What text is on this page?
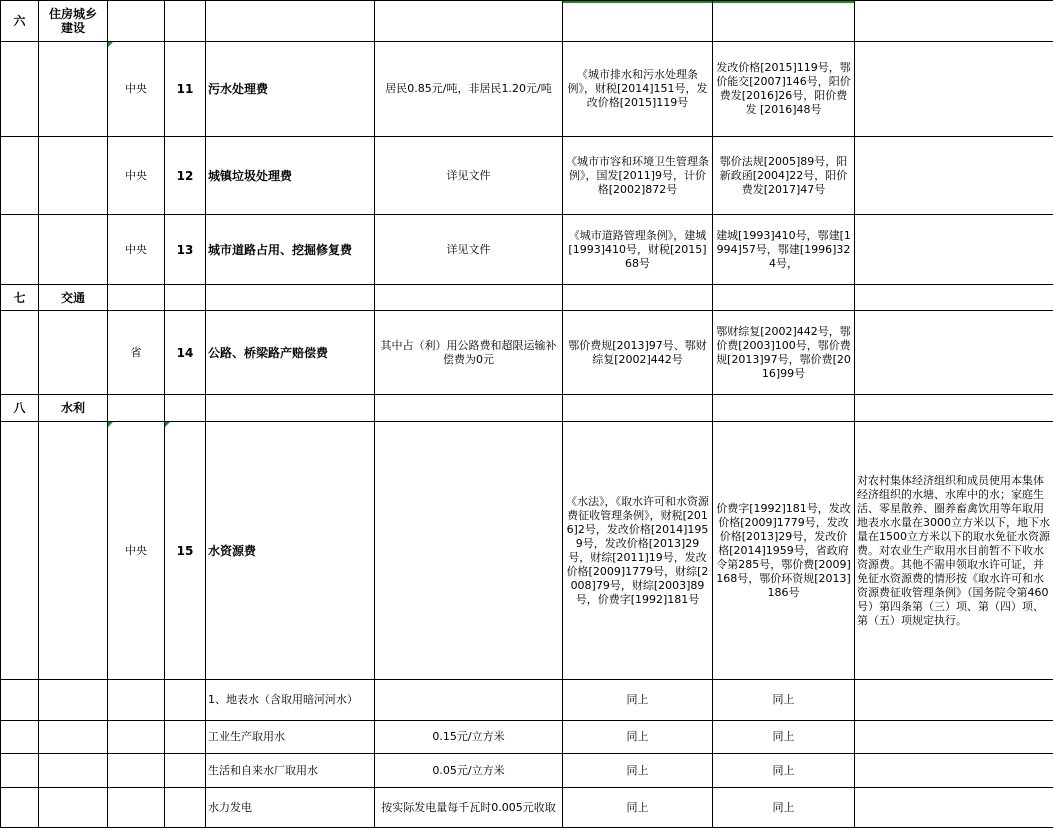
六	住房城乡
建设					

		中央	11	污水处理费	居民0.85元/吨，非居民1.20元/吨	《城市排水和污水处理条例》，财税[2014]151号，发改价格[2015]119号	发改价格[2015]119号，鄂价能交[2007]146号，阳价费发[2016]26号，阳价费发 [2016]48号	
		中央	12	城镇垃圾处理费	详见文件	《城市市容和环境卫生管理条例》，国发[2011]9号，计价格[2002]872号	鄂价法规[2005]89号，阳新政函[2004]22号，阳价费发[2017]47号	
		中央	13	城市道路占用、挖掘修复费	详见文件	《城市道路管理条例》，建城[1993]410号，财税[2015]68号	建城[1993]410号，鄂建[1994]57号，鄂建[1996]324号，	
七	交通							
		省	14	公路、桥梁路产赔偿费	其中占（利）用公路费和超限运输补偿费为0元	鄂价费规[2013]97号、鄂财综复[2002]442号	鄂财综复[2002]442号，鄂价费[2003]100号，鄂价费规[2013]97号，鄂价费[2016]99号	
八	水利							
		中央	15	水资源费		《水法》，《取水许可和水资源费征收管理条例》，财税[2016]2号，发改价格[2014]1959号，发改价格[2013]29号，财综[2011]19号，发改价格[2009]1779号，财综[2008]79号，财综[2003]89号，价费字[1992]181号	价费字[1992]181号，发改价格[2009]1779号，发改价格[2013]29号，发改价格[2014]1959号，省政府令第285号，鄂价费[2009]168号，鄂价环资规[2013]186号	对农村集体经济组织和成员使用本集体经济组织的水塘、水库中的水；家庭生活、零星散养、圈养畜禽饮用等年取用地表水水量在3000立方米以下，地下水量在1500立方米以下的取水免征水资源费。对农业生产取用水目前暂不下收水资源费。其他不需申领取水许可证，并免征水资源费的情形按《取水许可和水资源费征收管理条例》（国务院令第460号）第四条第（三）项、第（四）项、第（五）项规定执行。
				1、地表水（含取用暗河河水）		同上	同上	
				工业生产取用水	0.15元/立方米	同上	同上	
				生活和自来水厂取用水	0.05元/立方米	同上	同上	
				水力发电	按实际发电量每千瓦时0.005元收取	同上	同上	
